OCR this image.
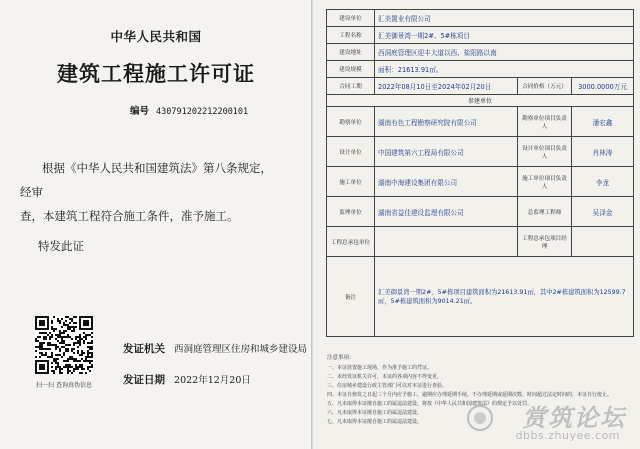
中华人民共和国
建筑工程施工许可证
编号 430791202212200101
根据《中华人民共和国建筑法》第八条规定，经审
查，本建筑工程符合施工条件，准予施工。
特发此证
扫一扫 查询真伪信息
发证机关 西洞庭管理区住房和城乡建设局
发证日期 2022年12月20日
建设单位	汇美置业有限公司		
工程名称	汇美御景湾一期2#、5#栋项目		
建设地址	西洞庭管理区迎丰大道以西、盐阳路以南		
建设规模	面积：21613.91㎡。		
合同工期	2022年08月10日至2024年02月20日	合同价格（万元）	3000.0000万元
参建单位			
勘察单位	湖南有色工程勘察研究院有限公司	勘察单位项目负责人	潘宏鑫
设计单位	中国建筑第六工程局有限公司	设计单位项目负责人	肖林涛
施工单位	湖南中海建设集团有限公司	施工单位项目负责人	李龙
监理单位	湖南省益佳建设监理有限公司	总监理工程师	吴泽金
工程总承包单位		工程总承包项目经理	
备注	汇美御景湾一期2#、5#栋项目建筑面积为21613.91㎡，其中2#栋建筑面积为12599.7㎡，5#栋建筑面积为9014.21㎡。		
注意事项：
一、本证放置施工现场，作为准予施工的凭证。
二、未经发证机关许可，本证的各项内容不得变更。
三、住房城乡建设行政主管部门可以对本证进行查验。
四、本证自核发之日起三个月内应予施工，逾期应办理延期手续，不办理延期或延期次数、时间超过法定时间的，本证自行废止。
五、凡未取得本证擅自施工的属违法建设，将按《中华人民共和国建筑法》的规定予以处罚。
六、凡未取得本证擅自施工的属违法建设。
七、凡未取得本证擅自施工的属违法建设。	赏筑论坛
dbbs.zhuyee.com
